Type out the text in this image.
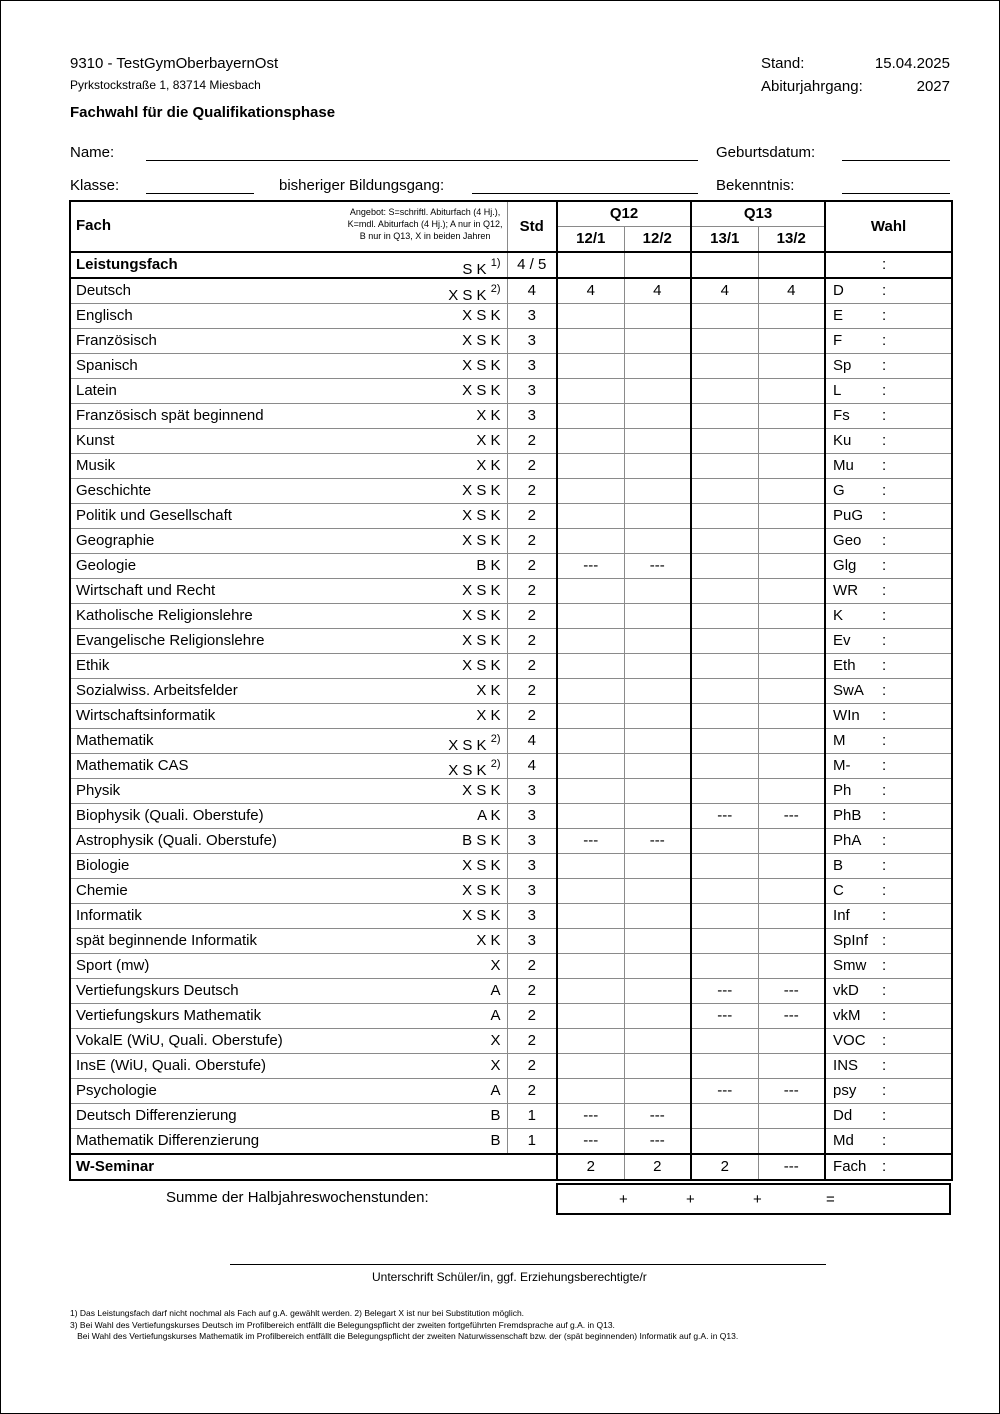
9310 - TestGymOberbayernOst
Pyrkstockstraße 1, 83714 Miesbach
Fachwahl für die Qualifikationsphase
Stand:	15.04.2025
Abiturjahrgang:	2027
Name:	Geburtsdatum:
Klasse:	bisheriger Bildungsgang:	Bekenntnis:
Fach
Angebot: S=schriftl. Abiturfach (4 Hj.),
K=mdl. Abiturfach (4 Hj.); A nur in Q12,
B nur in Q13, X in beiden Jahren	Std	Q12		Q13		Wahl
		12/1	12/2	13/1	13/2	
Leistungsfach S K $^{1)}$	4 / 5					:

Deutsch X S K $^{2)}$	4	4	4	4	4	D :

Englisch X S K	3					E :

Französisch X S K	3					F :

Spanisch X S K	3					Sp :

Latein X S K	3					L :

Französisch spät beginnend X K	3					Fs :

Kunst X K	2					Ku :

Musik X K	2					Mu :

Geschichte X S K	2					G :

Politik und Gesellschaft X S K	2					PuG :

Geographie X S K	2					Geo :

Geologie B K	2	---	---			Glg :

Wirtschaft und Recht X S K	2					WR :

Katholische Religionslehre X S K	2					K :

Evangelische Religionslehre X S K	2					Ev :

Ethik X S K	2					Eth :

Sozialwiss. Arbeitsfelder X K	2					SwA :

Wirtschaftsinformatik X K	2					WIn :

Mathematik X S K $^{2)}$	4					M :

Mathematik CAS X S K $^{2)}$	4					M- :

Physik X S K	3					Ph :

Biophysik (Quali. Oberstufe) A K	3			---	---	PhB :

Astrophysik (Quali. Oberstufe) B S K	3	---	---			PhA :

Biologie X S K	3					B :

Chemie X S K	3					C :

Informatik X S K	3					Inf :

spät beginnende Informatik X K	3					SpInf :

Sport (mw) X	2					Smw :

Vertiefungskurs Deutsch A	2			---	---	vkD :

Vertiefungskurs Mathematik A	2			---	---	vkM :

VokalE (WiU, Quali. Oberstufe) X	2					VOC :

InsE (WiU, Quali. Oberstufe) X	2					INS :

Psychologie A	2			---	---	psy :

Deutsch Differenzierung B	1	---	---			Dd :

Mathematik Differenzierung B	1	---	---			Md :

W-Seminar		2	2	2	---	Fach :
Summe der Halbjahreswochenstunden:	+	+	+	=
Unterschrift Schüler/in, ggf. Erziehungsberechtigte/r
1) Das Leistungsfach darf nicht nochmal als Fach auf g.A. gewählt werden. 2) Belegart X ist nur bei Substitution möglich.
3) Bei Wahl des Vertiefungskurses Deutsch im Profilbereich entfällt die Belegungspflicht der zweiten fortgeführten Fremdsprache auf g.A. in Q13.
Bei Wahl des Vertiefungskurses Mathematik im Profilbereich entfällt die Belegungspflicht der zweiten Naturwissenschaft bzw. der (spät beginnenden) Informatik auf g.A. in Q13.
